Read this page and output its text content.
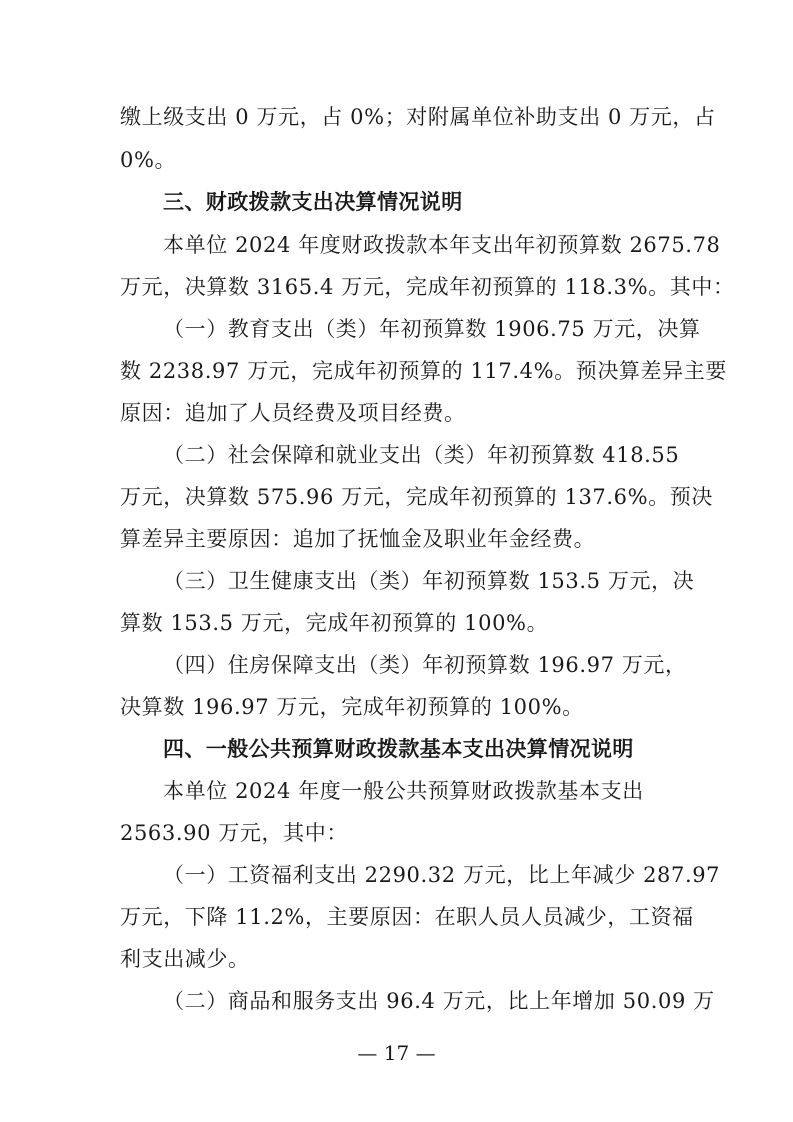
缴上级支出 0 万元，占 0%；对附属单位补助支出 0 万元，占
0%。
三、财政拨款支出决算情况说明
本单位 2024 年度财政拨款本年支出年初预算数 2675.78
万元，决算数 3165.4 万元，完成年初预算的 118.3%。其中：
（一）教育支出（类）年初预算数 1906.75 万元，决算
数 2238.97 万元，完成年初预算的 117.4%。预决算差异主要
原因：追加了人员经费及项目经费。
（二）社会保障和就业支出（类）年初预算数 418.55
万元，决算数 575.96 万元，完成年初预算的 137.6%。预决
算差异主要原因：追加了抚恤金及职业年金经费。
（三）卫生健康支出（类）年初预算数 153.5 万元，决
算数 153.5 万元，完成年初预算的 100%。
（四）住房保障支出（类）年初预算数 196.97 万元，
决算数 196.97 万元，完成年初预算的 100%。
四、一般公共预算财政拨款基本支出决算情况说明
本单位 2024 年度一般公共预算财政拨款基本支出
2563.90 万元，其中：
（一）工资福利支出 2290.32 万元，比上年减少 287.97
万元，下降 11.2%，主要原因：在职人员人员减少，工资福
利支出减少。
（二）商品和服务支出 96.4 万元，比上年增加 50.09 万
— 17 —
